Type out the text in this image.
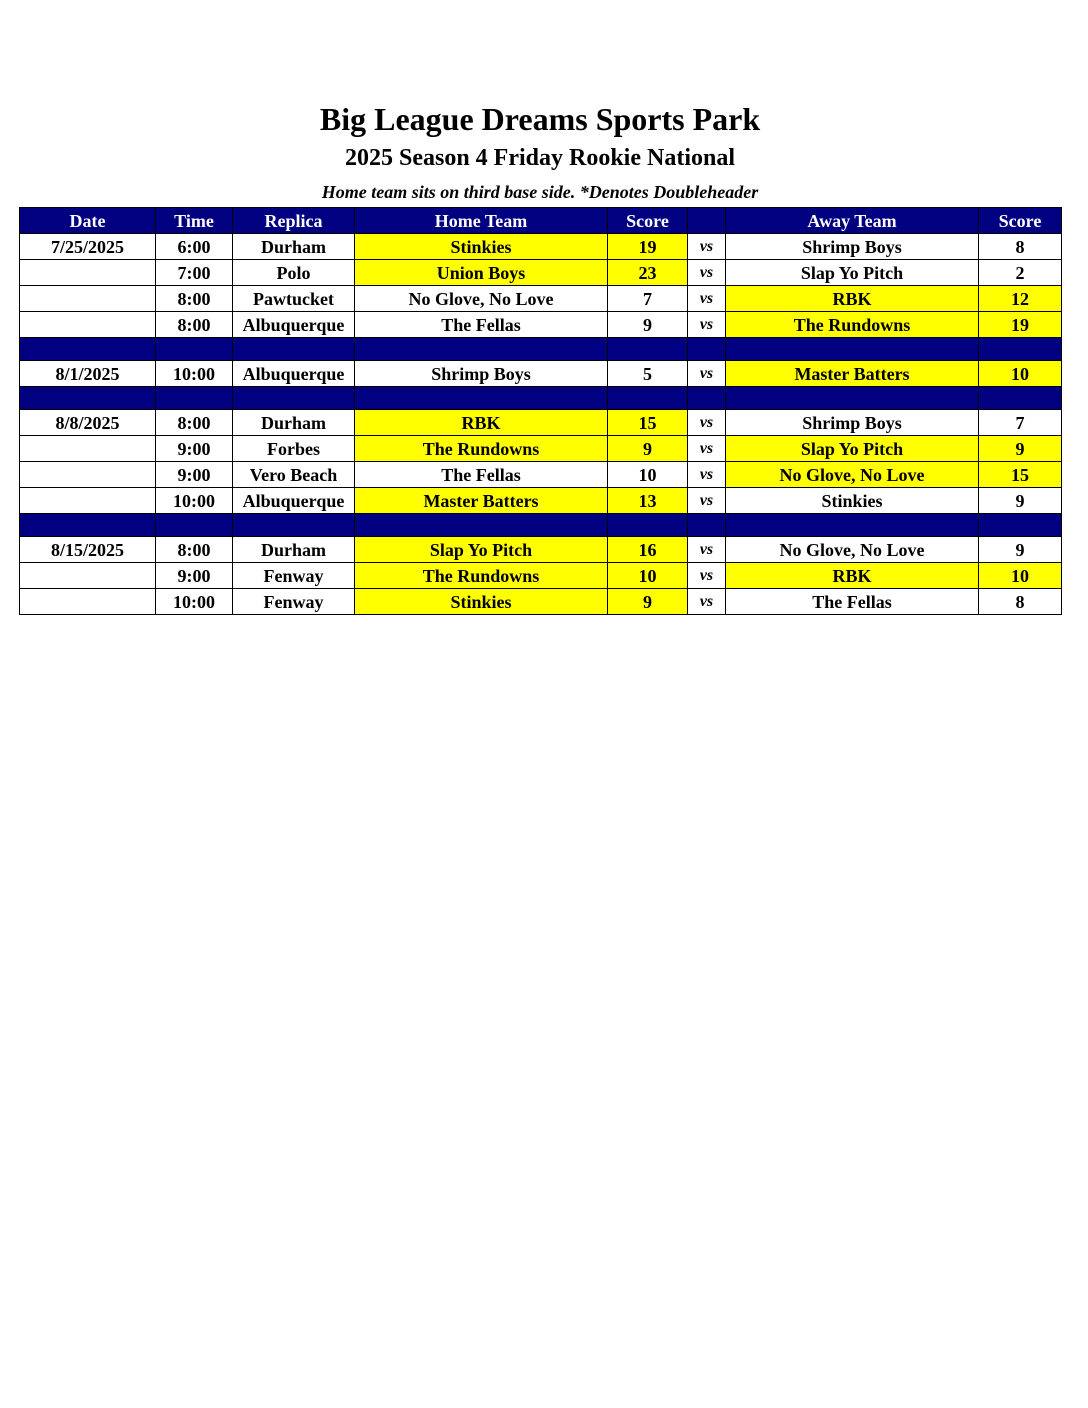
Big League Dreams Sports Park
2025 Season 4 Friday Rookie National
Home team sits on third base side. *Denotes Doubleheader
Date	Time	Replica	Home Team	Score		Away Team	Score
7/25/2025	6:00	Durham	Stinkies	19	vs	Shrimp Boys	8
	7:00	Polo	Union Boys	23	vs	Slap Yo Pitch	2
	8:00	Pawtucket	No Glove, No Love	7	vs	RBK	12
	8:00	Albuquerque	The Fellas	9	vs	The Rundowns	19

8/1/2025	10:00	Albuquerque	Shrimp Boys	5	vs	Master Batters	10

8/8/2025	8:00	Durham	RBK	15	vs	Shrimp Boys	7
	9:00	Forbes	The Rundowns	9	vs	Slap Yo Pitch	9
	9:00	Vero Beach	The Fellas	10	vs	No Glove, No Love	15
	10:00	Albuquerque	Master Batters	13	vs	Stinkies	9

8/15/2025	8:00	Durham	Slap Yo Pitch	16	vs	No Glove, No Love	9
	9:00	Fenway	The Rundowns	10	vs	RBK	10
	10:00	Fenway	Stinkies	9	vs	The Fellas	8
